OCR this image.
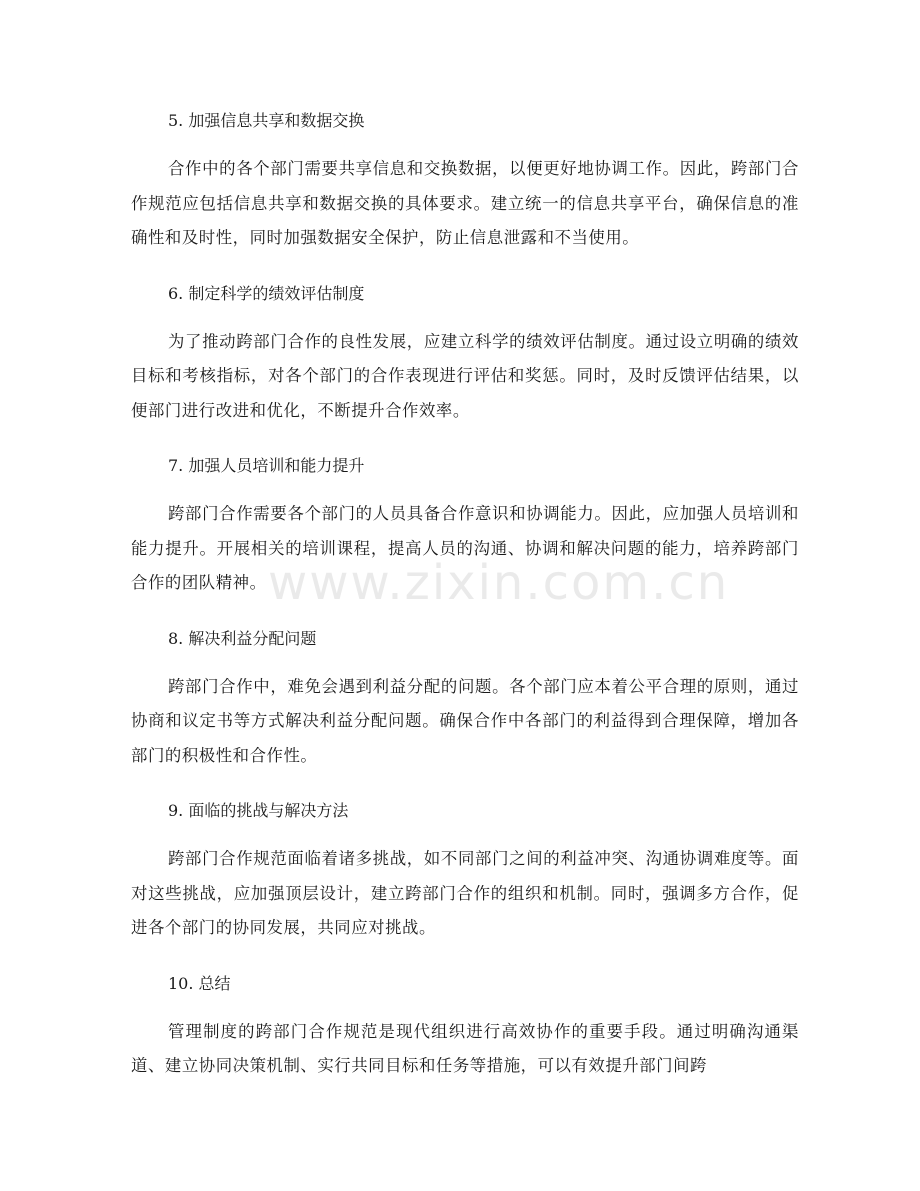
5. 加强信息共享和数据交换

合作中的各个部门需要共享信息和交换数据，以便更好地协调工作。因此，跨部门合作规范应包括信息共享和数据交换的具体要求。建立统一的信息共享平台，确保信息的准确性和及时性，同时加强数据安全保护，防止信息泄露和不当使用。

6. 制定科学的绩效评估制度

为了推动跨部门合作的良性发展，应建立科学的绩效评估制度。通过设立明确的绩效目标和考核指标，对各个部门的合作表现进行评估和奖惩。同时，及时反馈评估结果，以便部门进行改进和优化，不断提升合作效率。

7. 加强人员培训和能力提升

跨部门合作需要各个部门的人员具备合作意识和协调能力。因此，应加强人员培训和能力提升。开展相关的培训课程，提高人员的沟通、协调和解决问题的能力，培养跨部门合作的团队精神。

8. 解决利益分配问题

跨部门合作中，难免会遇到利益分配的问题。各个部门应本着公平合理的原则，通过协商和议定书等方式解决利益分配问题。确保合作中各部门的利益得到合理保障，增加各部门的积极性和合作性。

9. 面临的挑战与解决方法

跨部门合作规范面临着诸多挑战，如不同部门之间的利益冲突、沟通协调难度等。面对这些挑战，应加强顶层设计，建立跨部门合作的组织和机制。同时，强调多方合作，促进各个部门的协同发展，共同应对挑战。

10. 总结

管理制度的跨部门合作规范是现代组织进行高效协作的重要手段。通过明确沟通渠道、建立协同决策机制、实行共同目标和任务等措施，可以有效提升部门间跨

www.zixin.com.cn
